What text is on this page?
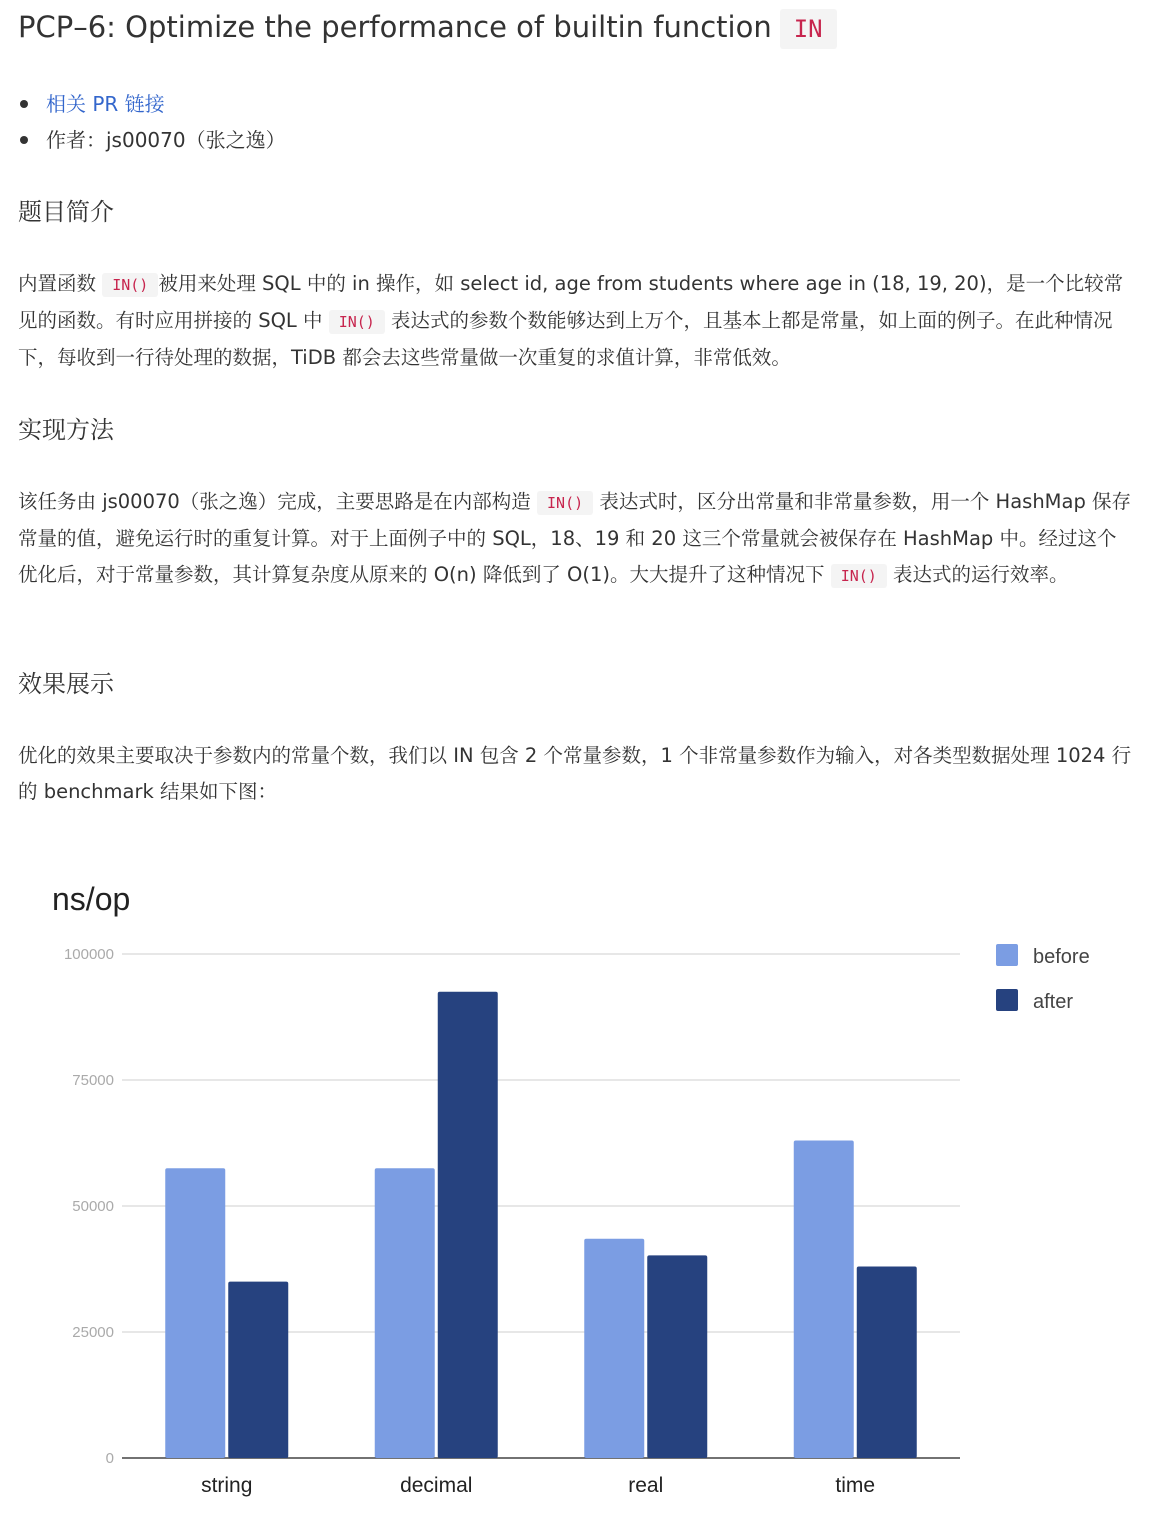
PCP–6: Optimize the performance of builtin function IN
相关 PR 链接
作者：js00070（张之逸）
题目简介

内置函数 IN() 被用来处理 SQL 中的 in 操作，如 select id, age from students where age in (18, 19, 20)，是一个比较常见的函数。有时应用拼接的 SQL 中 IN() 表达式的参数个数能够达到上万个，且基本上都是常量，如上面的例子。在此种情况下，每收到一行待处理的数据，TiDB 都会去这些常量做一次重复的求值计算，非常低效。

实现方法

该任务由 js00070（张之逸）完成，主要思路是在内部构造 IN() 表达式时，区分出常量和非常量参数，用一个 HashMap 保存常量的值，避免运行时的重复计算。对于上面例子中的 SQL，18、19 和 20 这三个常量就会被保存在 HashMap 中。经过这个优化后，对于常量参数，其计算复杂度从原来的 O(n) 降低到了 O(1)。大大提升了这种情况下 IN() 表达式的运行效率。

效果展示

优化的效果主要取决于参数内的常量个数，我们以 IN 包含 2 个常量参数，1 个非常量参数作为输入，对各类型数据处理 1024 行的 benchmark 结果如下图：

ns/op
0
25000
50000
75000
100000
string	decimal	real	time
before
after
